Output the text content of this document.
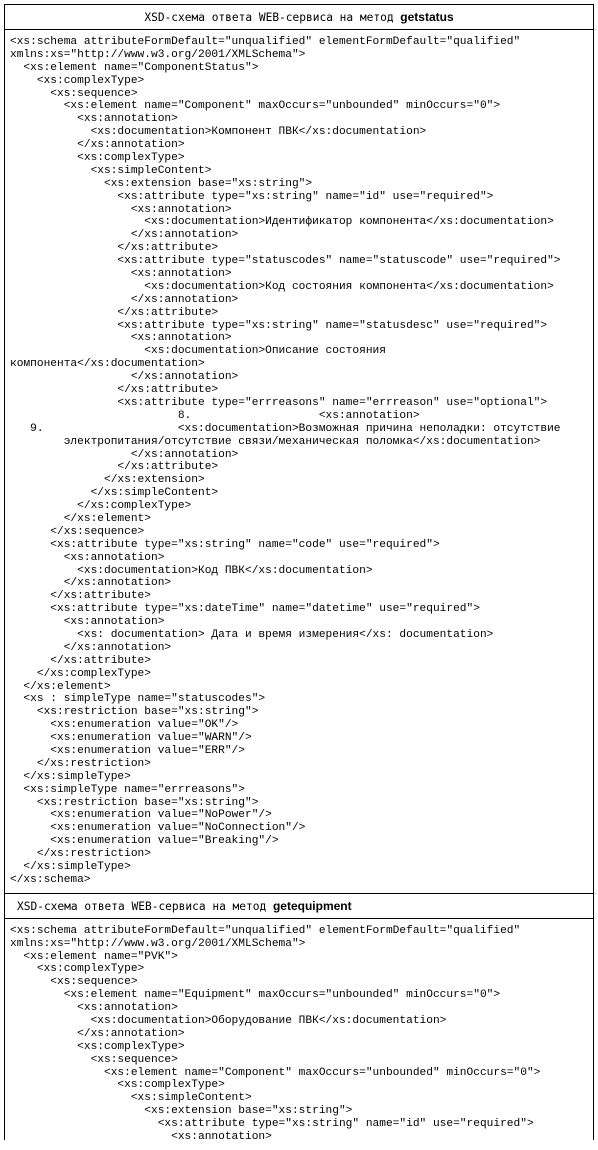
XSD-схема ответа WEB-сервиса на метод getstatus
<xs:schema attributeFormDefault="unqualified" elementFormDefault="qualified"
xmlns:xs="http://www.w3.org/2001/XMLSchema">
<xs:element name="ComponentStatus">
<xs:complexType>
<xs:sequence>
<xs:element name="Component" maxOccurs="unbounded" minOccurs="0">
<xs:annotation>
<xs:documentation>Компонент ПВК</xs:documentation>
</xs:annotation>
<xs:complexType>
<xs:simpleContent>
<xs:extension base="xs:string">
<xs:attribute type="xs:string" name="id" use="required">
<xs:annotation>
<xs:documentation>Идентификатор компонента</xs:documentation>
</xs:annotation>
</xs:attribute>
<xs:attribute type="statuscodes" name="statuscode" use="required">
<xs:annotation>
<xs:documentation>Код состояния компонента</xs:documentation>
</xs:annotation>
</xs:attribute>
<xs:attribute type="xs:string" name="statusdesc" use="required">
<xs:annotation>
<xs:documentation>Описание состояния
компонента</xs:documentation>
</xs:annotation>
</xs:attribute>
<xs:attribute type="errreasons" name="errreason" use="optional">
8.                   <xs:annotation>
9.                    <xs:documentation>Возможная причина неполадки: отсутствие
электропитания/отсутствие связи/механическая поломка</xs:documentation>
</xs:annotation>
</xs:attribute>
</xs:extension>
</xs:simpleContent>
</xs:complexType>
</xs:element>
</xs:sequence>
<xs:attribute type="xs:string" name="code" use="required">
<xs:annotation>
<xs:documentation>Код ПВК</xs:documentation>
</xs:annotation>
</xs:attribute>
<xs:attribute type="xs:dateTime" name="datetime" use="required">
<xs:annotation>
<xs: documentation> Дата и время измерения</xs: documentation>
</xs:annotation>
</xs:attribute>
</xs:complexType>
</xs:element>
<xs : simpleType name="statuscodes">
<xs:restriction base="xs:string">
<xs:enumeration value="OK"/>
<xs:enumeration value="WARN"/>
<xs:enumeration value="ERR"/>
</xs:restriction>
</xs:simpleType>
<xs:simpleType name="errreasons">
<xs:restriction base="xs:string">
<xs:enumeration value="NoPower"/>
<xs:enumeration value="NoConnection"/>
<xs:enumeration value="Breaking"/>
</xs:restriction>
</xs:simpleType>
</xs:schema>
XSD-схема ответа WEB-сервиса на метод getequipment
<xs:schema attributeFormDefault="unqualified" elementFormDefault="qualified"
xmlns:xs="http://www.w3.org/2001/XMLSchema">
<xs:element name="PVK">
<xs:complexType>
<xs:sequence>
<xs:element name="Equipment" maxOccurs="unbounded" minOccurs="0">
<xs:annotation>
<xs:documentation>Оборудование ПВК</xs:documentation>
</xs:annotation>
<xs:complexType>
<xs:sequence>
<xs:element name="Component" maxOccurs="unbounded" minOccurs="0">
<xs:complexType>
<xs:simpleContent>
<xs:extension base="xs:string">
<xs:attribute type="xs:string" name="id" use="required">
<xs:annotation>
